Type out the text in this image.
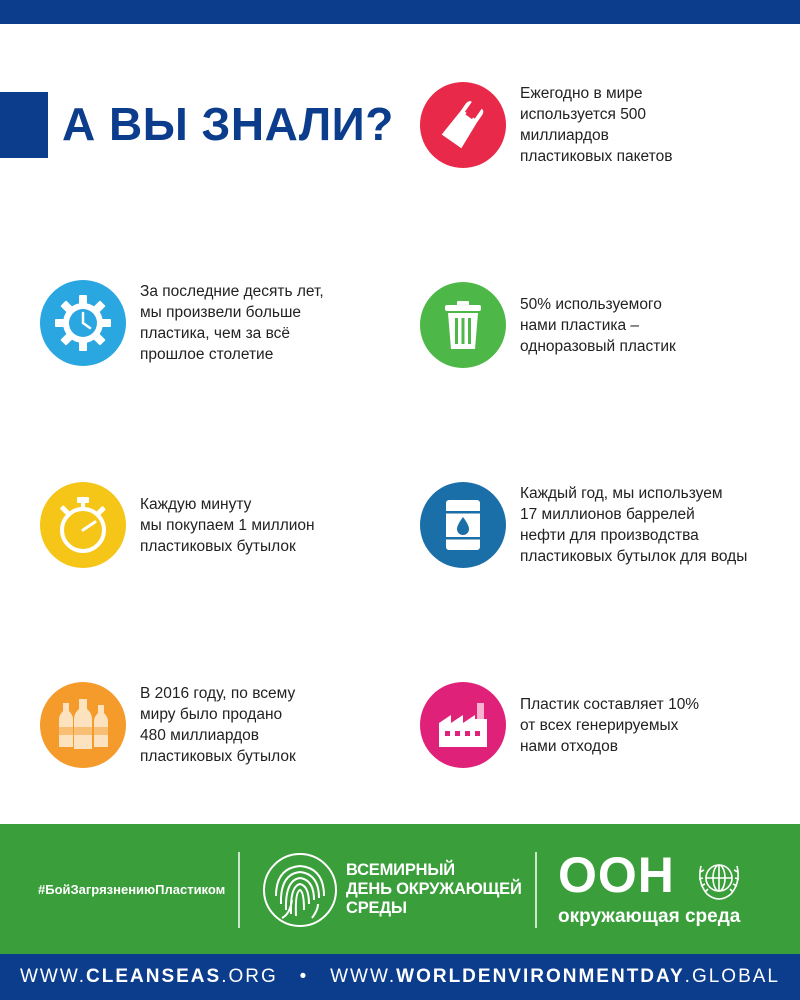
А ВЫ ЗНАЛИ?
Ежегодно в мире
используется 500
миллиардов
пластиковых пакетов
За последние десять лет,
мы произвели больше
пластика, чем за всё
прошлое столетие
50% используемого
нами пластика –
одноразовый пластик
Каждую минуту
мы покупаем 1 миллион
пластиковых бутылок
Каждый год, мы используем
17 миллионов баррелей
нефти для производства
пластиковых бутылок для воды
В 2016 году, по всему
миру было продано
480 миллиардов
пластиковых бутылок
Пластик составляет 10%
от всех генерируемых
нами отходов
#БойЗагрязнениюПластиком
ВСЕМИРНЫЙ
ДЕНЬ ОКРУЖАЮЩЕЙ
СРЕДЫ
ООН
окружающая среда
WWW.CLEANSEAS.ORG • WWW.WORLDENVIRONMENTDAY.GLOBAL
